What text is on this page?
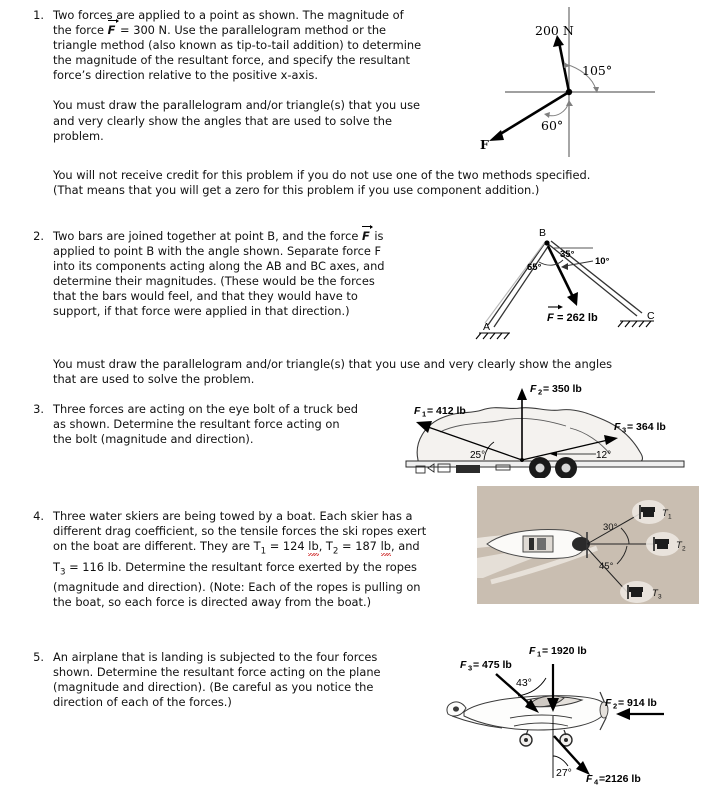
1. Two forces are applied to a point as shown. The magnitude of

the force F
= 300 N. Use the parallelogram method or the

triangle method (also known as tip-to-tail addition) to determine

the magnitude of the resultant force, and specify the resultant

force’s direction relative to the positive x-axis.

You must draw the parallelogram and/or triangle(s) that you use

and very clearly show the angles that are used to solve the

problem.

You will not receive credit for this problem if you do not use one of the two methods specified.

(That means that you will get a zero for this problem if you use component addition.)

200 N
105°
60°
F
2. Two bars are joined together at point B, and the force F
is

applied to point B with the angle shown. Separate force F

into its components acting along the AB and BC axes, and

determine their magnitudes. (These would be the forces

that the bars would feel, and that they would have to

support, if that force were applied in that direction.)

You must draw the parallelogram and/or triangle(s) that you use and very clearly show the angles

that are used to solve the problem.

B
A
C
35°
10°
65°
F = 262 lb
3. Three forces are acting on the eye bolt of a truck bed

as shown. Determine the resultant force acting on

the bolt (magnitude and direction).

F 1 = 412 lb
F 2 = 350 lb
F 3 = 364 lb
25°	12°
4. Three water skiers are being towed by a boat. Each skier has a

different drag coefficient, so the tensile forces the ski ropes exert

on the boat are different. They are $T_1 = 124$ lb, $T_2 = 187$ lb, and

$T_3 = 116$ lb. Determine the resultant force exerted by the ropes

(magnitude and direction). (Note: Each of the ropes is pulling on

the boat, so each force is directed away from the boat.)

T 1
T 2
T 3
30°
45°
5. An airplane that is landing is subjected to the four forces

shown. Determine the resultant force acting on the plane

(magnitude and direction). (Be careful as you notice the

direction of each of the forces.)

F 1 = 1920 lb
F 3 = 475 lb
F 2 = 914 lb
F 4 =2126 lb
43°
27°
